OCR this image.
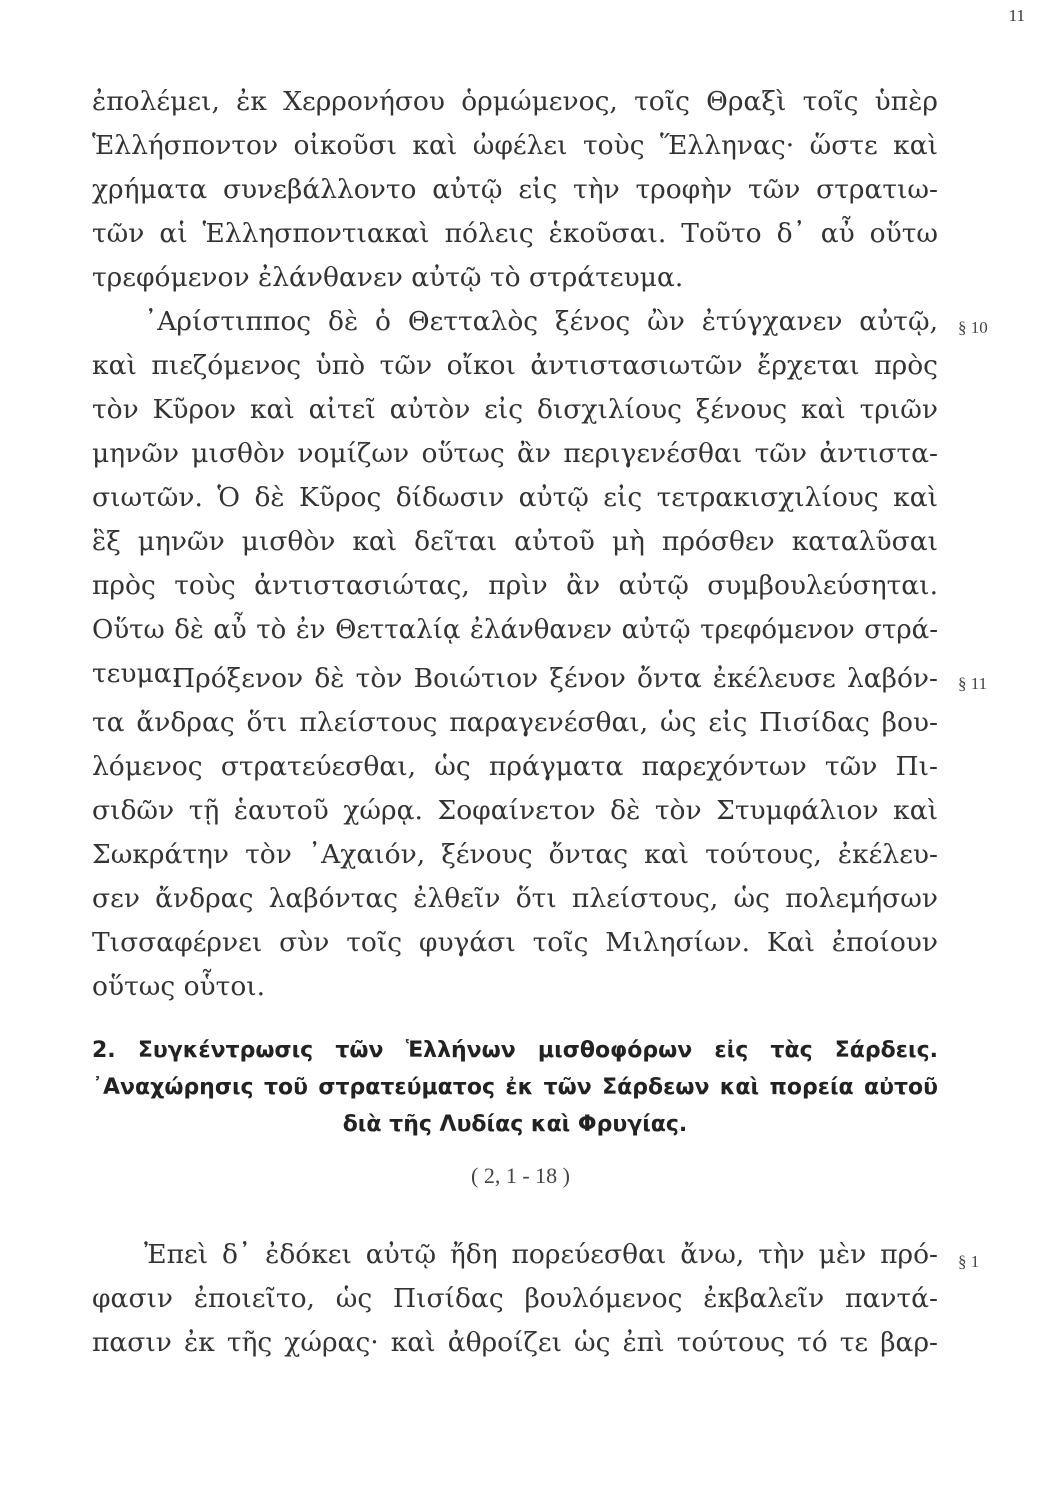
11
ἐπολέμει, ἐκ Χερρονήσου ὁρμώμενος, τοῖς Θραξὶ τοῖς ὑπὲρ
Ἑλλήσποντον οἰκοῦσι καὶ ὠφέλει τοὺς Ἕλληνας· ὥστε καὶ
χρήματα συνεβάλλοντο αὐτῷ εἰς τὴν τροφὴν τῶν στρατιω-
τῶν αἱ Ἑλλησποντιακαὶ πόλεις ἑκοῦσαι. Τοῦτο δ᾽ αὖ οὕτω
τρεφόμενον ἐλάνθανεν αὐτῷ τὸ στράτευμα.
§ 10
᾿Αρίστιππος δὲ ὁ Θετταλὸς ξένος ὢν ἐτύγχανεν αὐτῷ,
καὶ πιεζόμενος ὑπὸ τῶν οἴκοι ἀντιστασιωτῶν ἔρχεται πρὸς
τὸν Κῦρον καὶ αἰτεῖ αὐτὸν εἰς δισχιλίους ξένους καὶ τριῶν
μηνῶν μισθὸν νομίζων οὕτως ἂν περιγενέσθαι τῶν ἀντιστα-
σιωτῶν. Ὁ δὲ Κῦρος δίδωσιν αὐτῷ εἰς τετρακισχιλίους καὶ
ἓξ μηνῶν μισθὸν καὶ δεῖται αὐτοῦ μὴ πρόσθεν καταλῦσαι
πρὸς τοὺς ἀντιστασιώτας, πρὶν ἂν αὐτῷ συμβουλεύσηται.
Οὕτω δὲ αὖ τὸ ἐν Θετταλίᾳ ἐλάνθανεν αὐτῷ τρεφόμενον στρά-
τευμα.	§ 11
Πρόξενον δὲ τὸν Βοιώτιον ξένον ὄντα ἐκέλευσε λαβόν-
τα ἄνδρας ὅτι πλείστους παραγενέσθαι, ὡς εἰς Πισίδας βου-
λόμενος στρατεύεσθαι, ὡς πράγματα παρεχόντων τῶν Πι-
σιδῶν τῇ ἑαυτοῦ χώρᾳ. Σοφαίνετον δὲ τὸν Στυμφάλιον καὶ
Σωκράτην τὸν ᾿Αχαιόν, ξένους ὄντας καὶ τούτους, ἐκέλευ-
σεν ἄνδρας λαβόντας ἐλθεῖν ὅτι πλείστους, ὡς πολεμήσων
Τισσαφέρνει σὺν τοῖς φυγάσι τοῖς Μιλησίων. Καὶ ἐποίουν
οὕτως οὗτοι.
2. Συγκέντρωσις τῶν Ἑλλήνων μισθοφόρων εἰς τὰς Σάρδεις.
᾿Αναχώρησις τοῦ στρατεύματος ἐκ τῶν Σάρδεων καὶ πορεία αὐτοῦ
διὰ τῆς Λυδίας καὶ Φρυγίας.
( 2, 1 - 18 )
§ 1
Ἐπεὶ δ᾽ ἐδόκει αὐτῷ ἤδη πορεύεσθαι ἄνω, τὴν μὲν πρό-
φασιν ἐποιεῖτο, ὡς Πισίδας βουλόμενος ἐκβαλεῖν παντά-
πασιν ἐκ τῆς χώρας· καὶ ἀθροίζει ὡς ἐπὶ τούτους τό τε βαρ-
